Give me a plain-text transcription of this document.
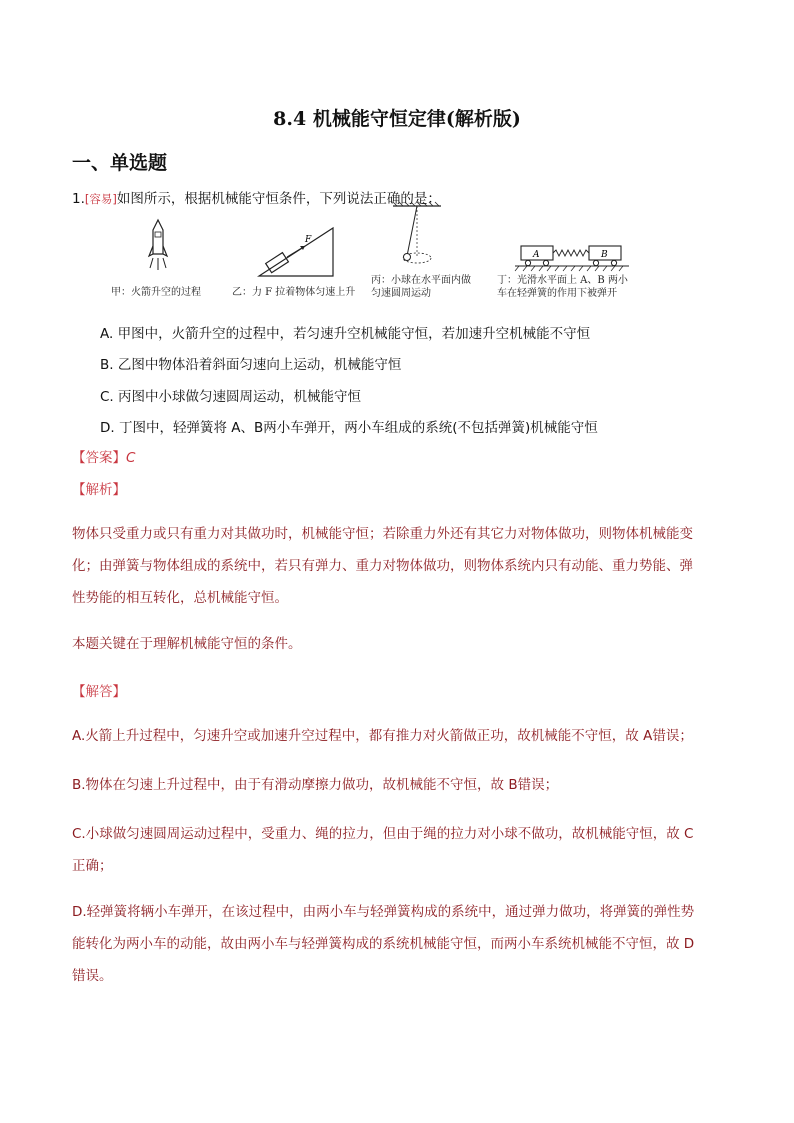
8.4 机械能守恒定律(解析版)
一、单选题
1.[容易]如图所示，根据机械能守恒条件，下列说法正确的是：
甲：火箭升空的过程
F
乙：力 F 拉着物体匀速上升
丙：小球在水平面内做
匀速圆周运动
A	B
丁：光滑水平面上 A、B 两小
车在轻弹簧的作用下被弹开
A. 甲图中，火箭升空的过程中，若匀速升空机械能守恒，若加速升空机械能不守恒
B. 乙图中物体沿着斜面匀速向上运动，机械能守恒
C. 丙图中小球做匀速圆周运动，机械能守恒
D. 丁图中，轻弹簧将 A、B两小车弹开，两小车组成的系统(不包括弹簧)机械能守恒
【答案】C
【解析】
物体只受重力或只有重力对其做功时，机械能守恒；若除重力外还有其它力对物体做功，则物体机械能变
化；由弹簧与物体组成的系统中，若只有弹力、重力对物体做功，则物体系统内只有动能、重力势能、弹
性势能的相互转化，总机械能守恒。
本题关键在于理解机械能守恒的条件。
【解答】
A.火箭上升过程中，匀速升空或加速升空过程中，都有推力对火箭做正功，故机械能不守恒，故 A错误；
B.物体在匀速上升过程中，由于有滑动摩擦力做功，故机械能不守恒，故 B错误；
C.小球做匀速圆周运动过程中，受重力、绳的拉力，但由于绳的拉力对小球不做功，故机械能守恒，故 C
正确；
D.轻弹簧将辆小车弹开，在该过程中，由两小车与轻弹簧构成的系统中，通过弹力做功，将弹簧的弹性势
能转化为两小车的动能，故由两小车与轻弹簧构成的系统机械能守恒，而两小车系统机械能不守恒，故 D
错误。
